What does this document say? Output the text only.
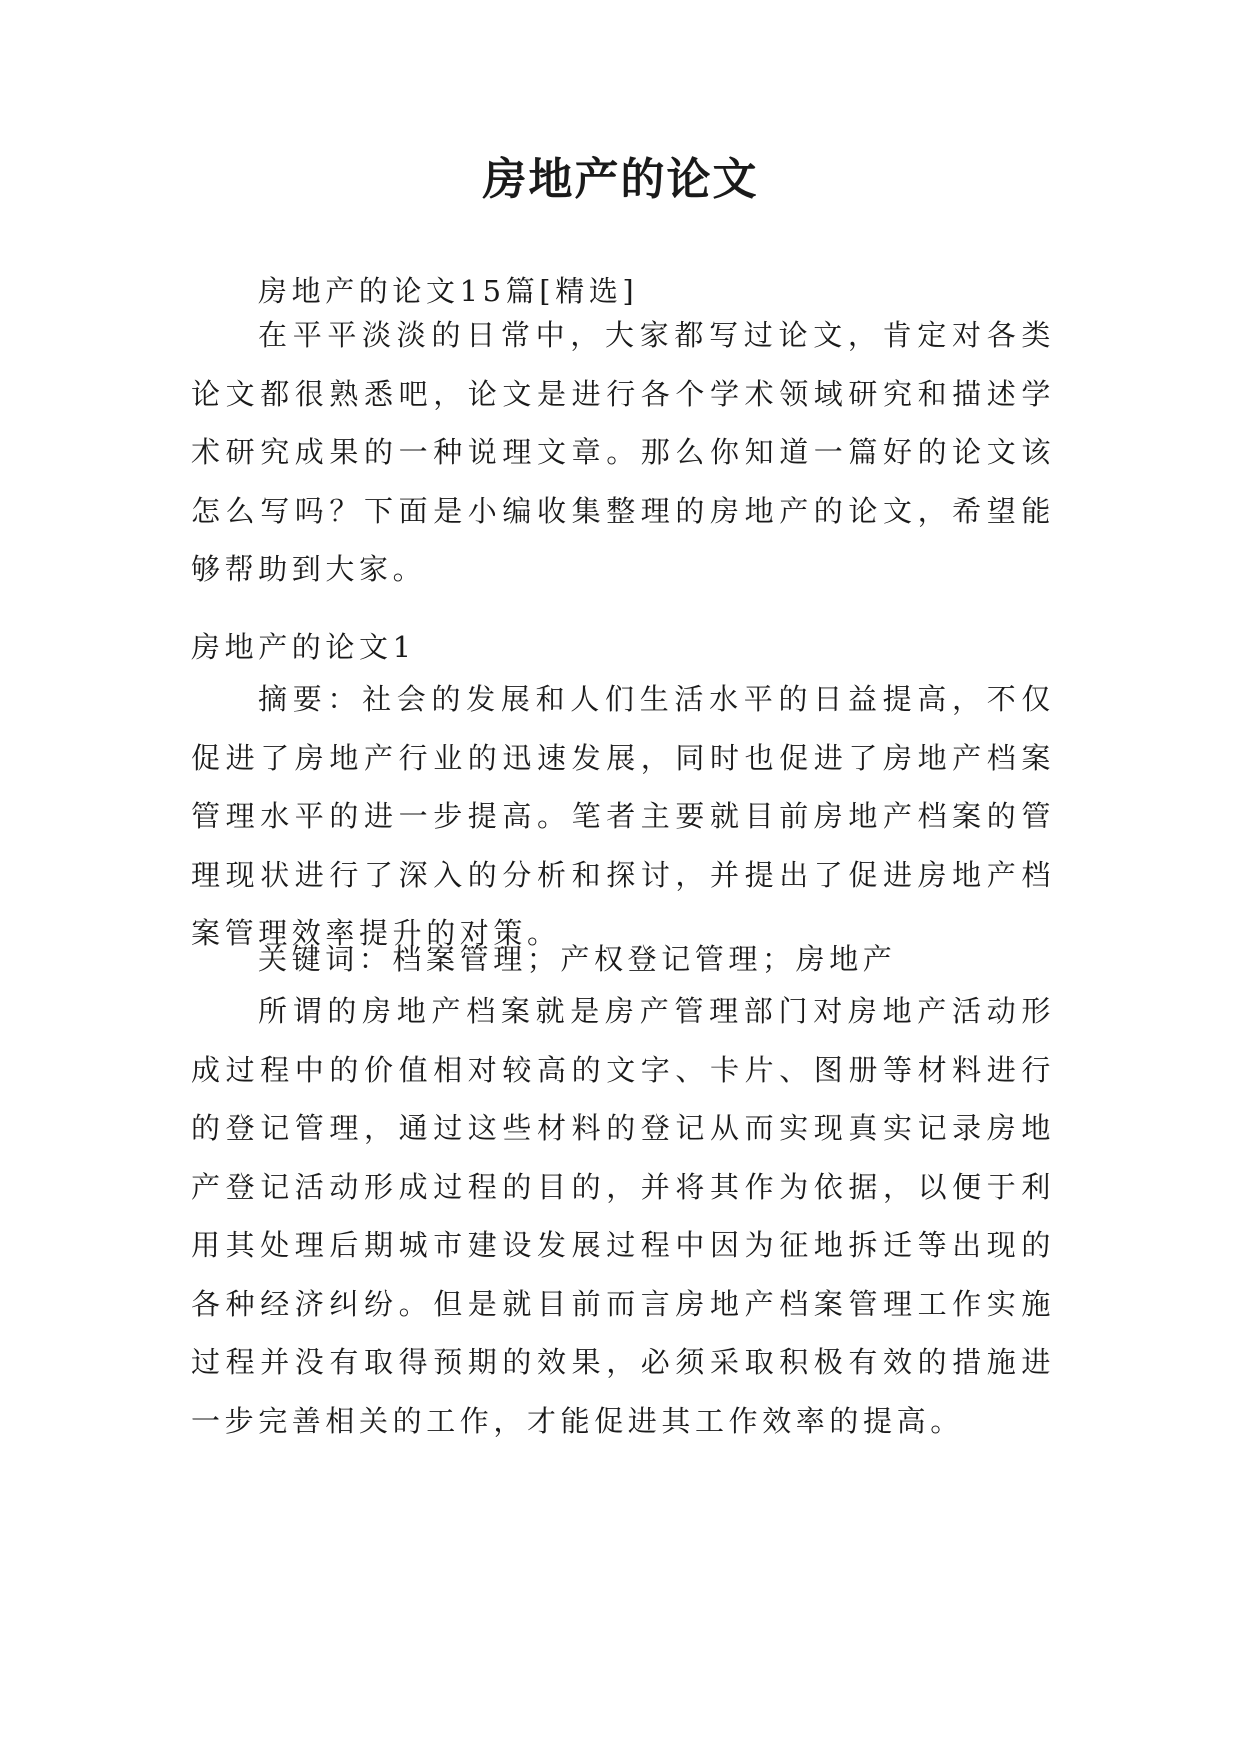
房地产的论文

房地产的论文15篇[精选]

在平平淡淡的日常中，大家都写过论文，肯定对各类论文都很熟悉吧，论文是进行各个学术领域研究和描述学术研究成果的一种说理文章。那么你知道一篇好的论文该怎么写吗？下面是小编收集整理的房地产的论文，希望能够帮助到大家。

房地产的论文1

摘要：社会的发展和人们生活水平的日益提高，不仅促进了房地产行业的迅速发展，同时也促进了房地产档案管理水平的进一步提高。笔者主要就目前房地产档案的管理现状进行了深入的分析和探讨，并提出了促进房地产档案管理效率提升的对策。

关键词：档案管理；产权登记管理；房地产

所谓的房地产档案就是房产管理部门对房地产活动形成过程中的价值相对较高的文字、卡片、图册等材料进行的登记管理，通过这些材料的登记从而实现真实记录房地产登记活动形成过程的目的，并将其作为依据，以便于利用其处理后期城市建设发展过程中因为征地拆迁等出现的各种经济纠纷。但是就目前而言房地产档案管理工作实施过程并没有取得预期的效果，必须采取积极有效的措施进一步完善相关的工作，才能促进其工作效率的提高。
